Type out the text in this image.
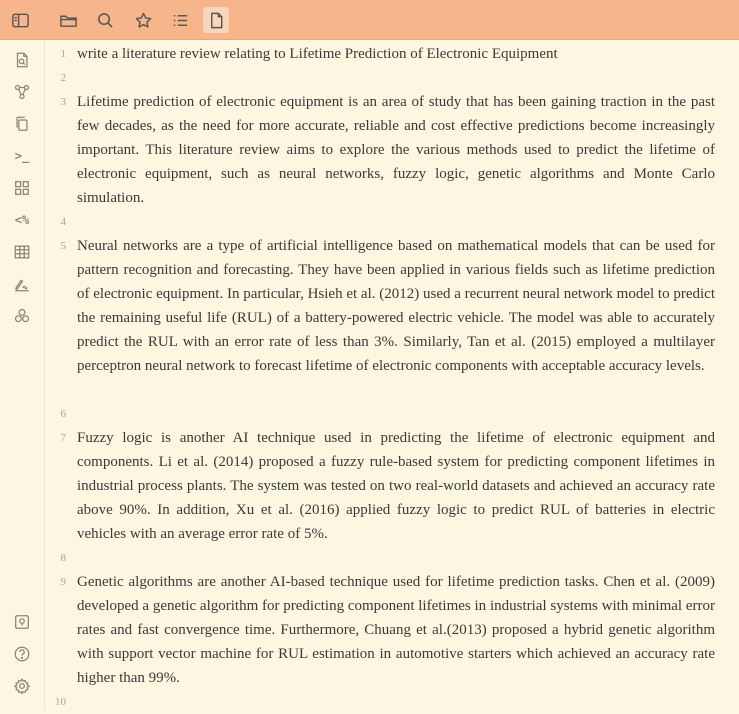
>_
<%
1 write a literature review relating to Lifetime Prediction of Electronic Equipment

2

3 Lifetime prediction of electronic equipment is an area of study that has been gaining traction in the past few decades, as the need for more accurate, reliable and cost effective predictions become increasingly important. This literature review aims to explore the various methods used to predict the lifetime of electronic equipment, such as neural networks, fuzzy logic, genetic algorithms and Monte Carlo simulation.

4

5 Neural networks are a type of artificial intelligence based on mathematical models that can be used for pattern recognition and forecasting. They have been applied in various fields such as lifetime prediction of electronic equipment. In particular, Hsieh et al. (2012) used a recurrent neural network model to predict the remaining useful life (RUL) of a battery-powered electric vehicle. The model was able to accurately predict the RUL with an error rate of less than 3%. Similarly, Tan et al. (2015) employed a multilayer perceptron neural network to forecast lifetime of electronic components with acceptable accuracy levels.

6

7 Fuzzy logic is another AI technique used in predicting the lifetime of electronic equipment and components. Li et al. (2014) proposed a fuzzy rule-based system for predicting component lifetimes in industrial process plants. The system was tested on two real-world datasets and achieved an accuracy rate above 90%. In addition, Xu et al. (2016) applied fuzzy logic to predict RUL of batteries in electric vehicles with an average error rate of 5%.

8

9 Genetic algorithms are another AI-based technique used for lifetime prediction tasks. Chen et al. (2009) developed a genetic algorithm for predicting component lifetimes in industrial systems with minimal error rates and fast convergence time. Furthermore, Chuang et al.(2013) proposed a hybrid genetic algorithm with support vector machine for RUL estimation in automotive starters which achieved an accuracy rate higher than 99%.

10
